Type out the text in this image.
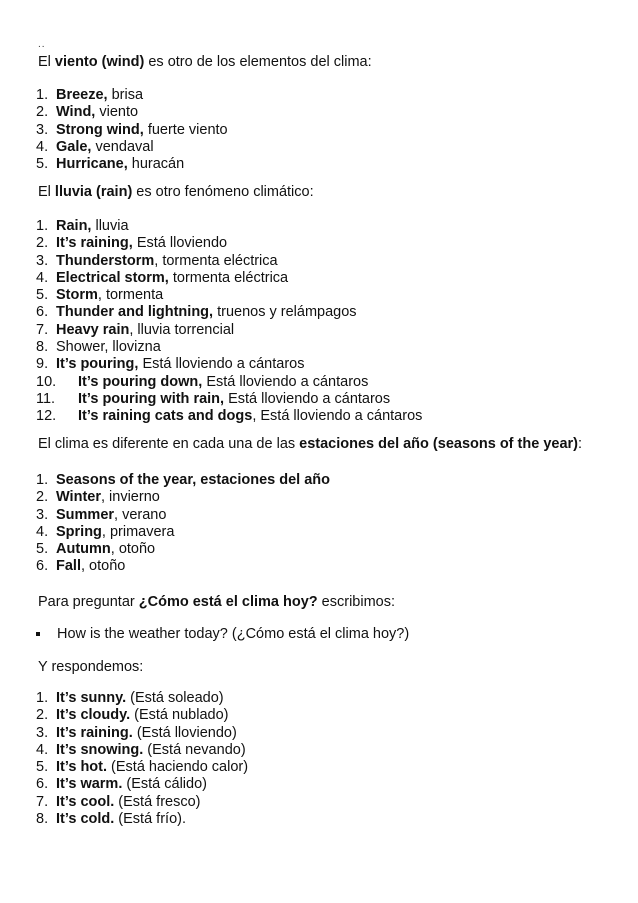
..
El viento (wind) es otro de los elementos del clima:
1. Breeze, brisa
2. Wind, viento
3. Strong wind, fuerte viento
4. Gale, vendaval
5. Hurricane, huracán
El lluvia (rain) es otro fenómeno climático:
1. Rain, lluvia
2. It’s raining, Está lloviendo
3. Thunderstorm, tormenta eléctrica
4. Electrical storm, tormenta eléctrica
5. Storm, tormenta
6. Thunder and lightning, truenos y relámpagos
7. Heavy rain, lluvia torrencial
8. Shower, llovizna
9. It’s pouring, Está lloviendo a cántaros
10.	It’s pouring down, Está lloviendo a cántaros
11.	It’s pouring with rain, Está lloviendo a cántaros
12.	It’s raining cats and dogs, Está lloviendo a cántaros
El clima es diferente en cada una de las estaciones del año (seasons of the year):
1. Seasons of the year, estaciones del año
2. Winter, invierno
3. Summer, verano
4. Spring, primavera
5. Autumn, otoño
6. Fall, otoño
Para preguntar ¿Cómo está el clima hoy? escribimos:
How is the weather today? (¿Cómo está el clima hoy?)
Y respondemos:
1. It’s sunny. (Está soleado)
2. It’s cloudy. (Está nublado)
3. It’s raining. (Está lloviendo)
4. It’s snowing. (Está nevando)
5. It’s hot. (Está haciendo calor)
6. It’s warm. (Está cálido)
7. It’s cool. (Está fresco)
8. It’s cold. (Está frío).
